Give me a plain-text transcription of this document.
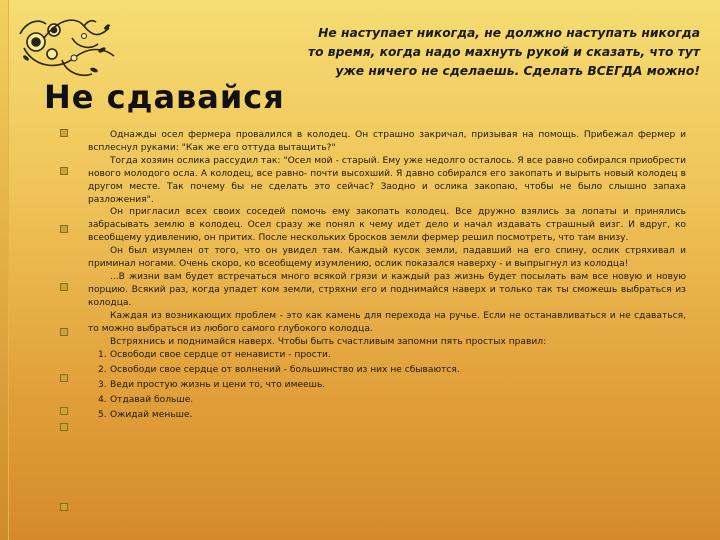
Не наступает никогда, не должно наступать никогда
то время, когда надо махнуть рукой и сказать, что тут
уже ничего не сделаешь. Сделать ВСЕГДА можно!
Не сдавайся

Однажды осел фермера провалился в колодец. Он страшно закричал, призывая на помощь. Прибежал фермер и всплеснул руками: "Как же его оттуда вытащить?"

Тогда хозяин ослика рассудил так: "Осел мой - старый. Ему уже недолго осталось. Я все равно собирался приобрести нового молодого осла. А колодец, все равно- почти высохший. Я давно собирался его закопать и вырыть новый колодец в другом месте. Так почему бы не сделать это сейчас? Заодно и ослика закопаю, чтобы не было слышно запаха разложения".

Он пригласил всех своих соседей помочь ему закопать колодец. Все дружно взялись за лопаты и принялись забрасывать землю в колодец. Осел сразу же понял к чему идет дело и начал издавать страшный визг. И вдруг, ко всеобщему удивлению, он притих. После нескольких бросков земли фермер решил посмотреть, что там внизу.

Он был изумлен от того, что он увидел там. Каждый кусок земли, падавший на его спину, ослик стряхивал и приминал ногами. Очень скоро, ко всеобщему изумлению, ослик показался наверху - и выпрыгнул из колодца!

...В жизни вам будет встречаться много всякой грязи и каждый раз жизнь будет посылать вам все новую и новую порцию. Всякий раз, когда упадет ком земли, стряхни его и поднимайся наверх и только так ты сможешь выбраться из колодца.

Каждая из возникающих проблем - это как камень для перехода на ручье. Если не останавливаться и не сдаваться, то можно выбраться из любого самого глубокого колодца.

Встряхнись и поднимайся наверх. Чтобы быть счастливым запомни пять простых правил:

1. Освободи свое сердце от ненависти - прости.
2. Освободи свое сердце от волнений - большинство из них не сбываются.
3. Веди простую жизнь и цени то, что имеешь.
4. Отдавай больше.
5. Ожидай меньше.
